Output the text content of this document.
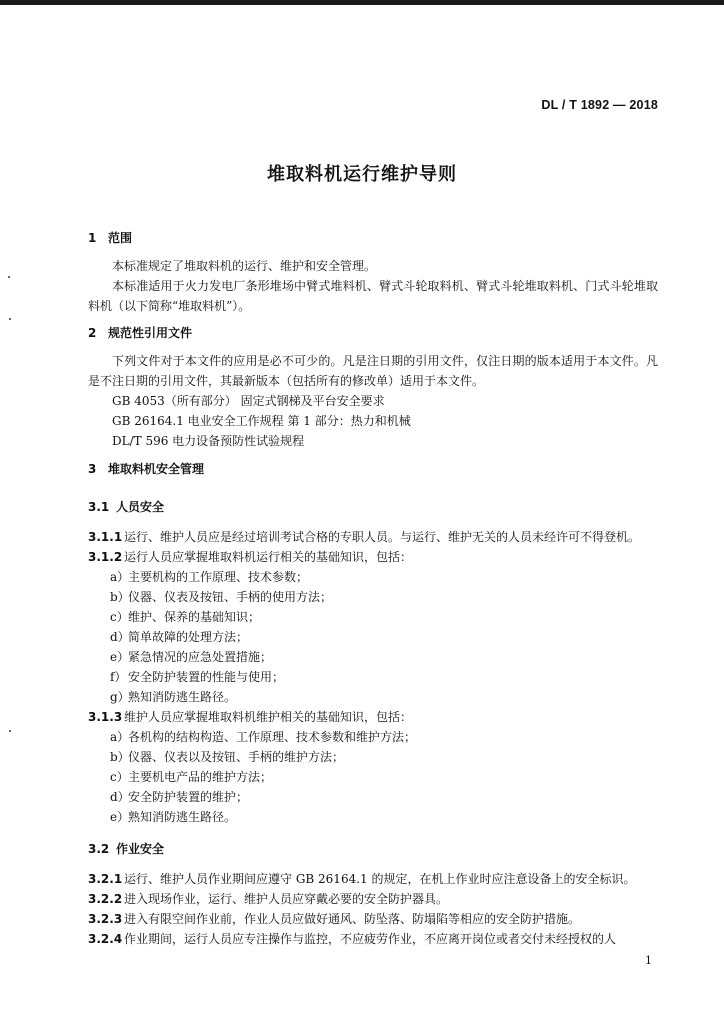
DL / T 1892 — 2018
堆取料机运行维护导则
1 范围

本标准规定了堆取料机的运行、维护和安全管理。

本标准适用于火力发电厂条形堆场中臂式堆料机、臂式斗轮取料机、臂式斗轮堆取料机、门式斗轮堆取料机（以下简称“堆取料机”）。

2 规范性引用文件

下列文件对于本文件的应用是必不可少的。凡是注日期的引用文件，仅注日期的版本适用于本文件。凡是不注日期的引用文件，其最新版本（包括所有的修改单）适用于本文件。

GB 4053（所有部分） 固定式钢梯及平台安全要求

GB 26164.1 电业安全工作规程 第 1 部分：热力和机械

DL/T 596 电力设备预防性试验规程

3 堆取料机安全管理
3.1 人员安全

3.1.1 运行、维护人员应是经过培训考试合格的专职人员。与运行、维护无关的人员未经许可不得登机。

3.1.2 运行人员应掌握堆取料机运行相关的基础知识，包括：

a）主要机构的工作原理、技术参数；

b）仪器、仪表及按钮、手柄的使用方法；

c）维护、保养的基础知识；

d）简单故障的处理方法；

e）紧急情况的应急处置措施；

f） 安全防护装置的性能与使用；

g）熟知消防逃生路径。

3.1.3 维护人员应掌握堆取料机维护相关的基础知识，包括：

a）各机构的结构构造、工作原理、技术参数和维护方法；

b）仪器、仪表以及按钮、手柄的维护方法；

c）主要机电产品的维护方法；

d）安全防护装置的维护；

e）熟知消防逃生路径。

3.2 作业安全

3.2.1 运行、维护人员作业期间应遵守 GB 26164.1 的规定，在机上作业时应注意设备上的安全标识。

3.2.2 进入现场作业，运行、维护人员应穿戴必要的安全防护器具。

3.2.3 进入有限空间作业前，作业人员应做好通风、防坠落、防塌陷等相应的安全防护措施。

3.2.4 作业期间，运行人员应专注操作与监控，不应疲劳作业，不应离开岗位或者交付未经授权的人

1
